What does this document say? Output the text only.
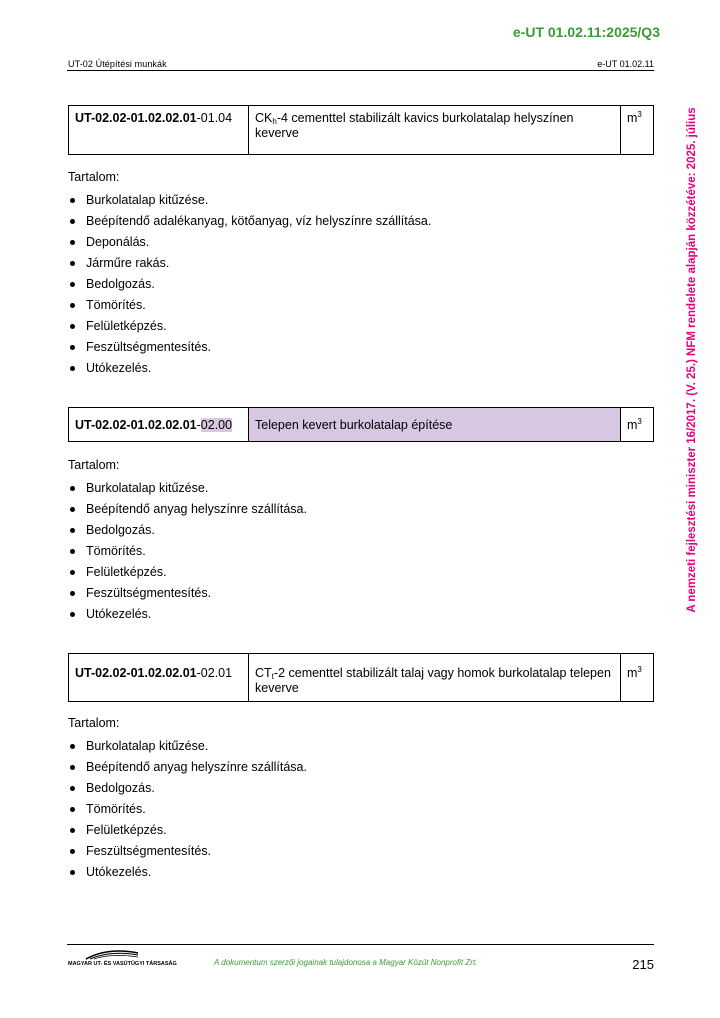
e-UT 01.02.11:2025/Q3
UT-02 Útépítési munkák	e-UT 01.02.11
A nemzeti fejlesztési miniszter 16/2017. (V. 25.) NFM rendelete alapján közzétéve: 2025. július
UT-02.02-01.02.02.01-01.04	$CK_h-4$ cementtel stabilizált kavics burkolatalap helyszínen keverve	$m^3$

Tartalom:

Burkolatalap kitűzése.
Beépítendő adalékanyag, kötőanyag, víz helyszínre szállítása.
Deponálás.
Járműre rakás.
Bedolgozás.
Tömörítés.
Felületképzés.
Feszültségmentesítés.
Utókezelés.
UT-02.02-01.02.02.01-02.00	Telepen kevert burkolatalap építése	$m^3$

Tartalom:

Burkolatalap kitűzése.
Beépítendő anyag helyszínre szállítása.
Bedolgozás.
Tömörítés.
Felületképzés.
Feszültségmentesítés.
Utókezelés.
UT-02.02-01.02.02.01-02.01	$CT_t-2$ cementtel stabilizált talaj vagy homok burkolatalap telepen keverve	$m^3$

Tartalom:

Burkolatalap kitűzése.
Beépítendő anyag helyszínre szállítása.
Bedolgozás.
Tömörítés.
Felületképzés.
Feszültségmentesítés.
Utókezelés.
MAGYAR UT- ÉS VASÚTÜGYI TÁRSASÁG	A dokumentum szerzői jogainak tulajdonosa a Magyar Közút Nonprofit Zrt.	215
